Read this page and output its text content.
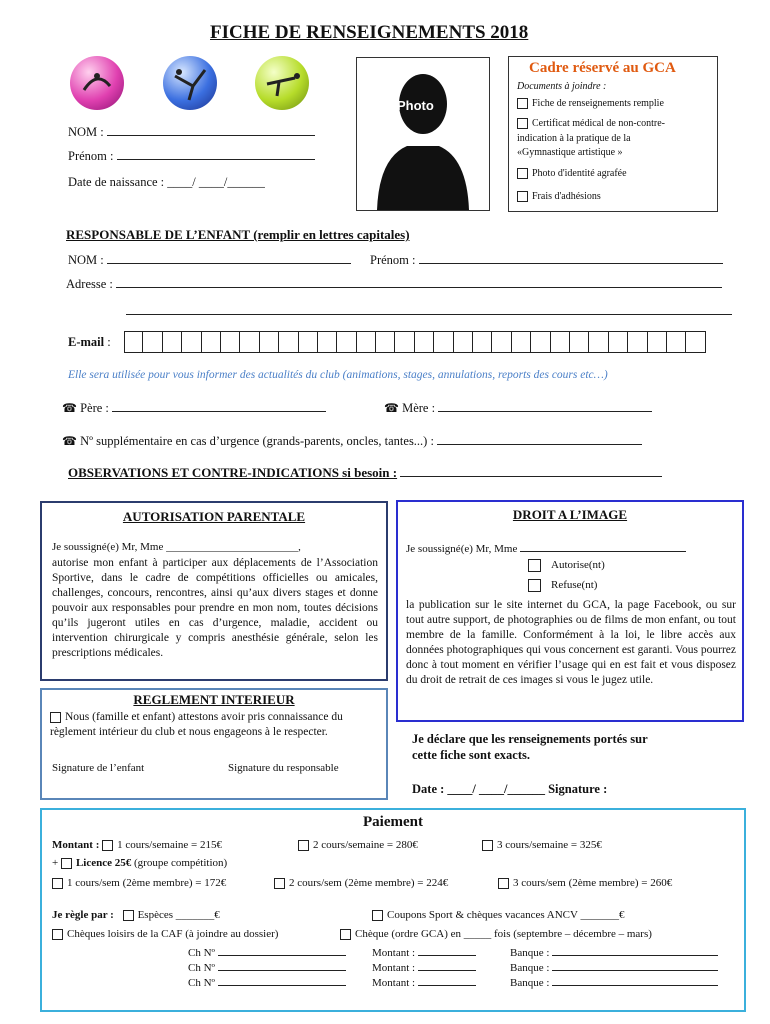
FICHE DE RENSEIGNEMENTS 2018
Photo
NOM :
Prénom :
Date de naissance : ____/ ____/______
Cadre réservé au GCA
Documents à joindre :
Fiche de renseignements remplie
Certificat médical de non-contre-
indication à la pratique de la
«Gymnastique artistique »
Photo d'identité agrafée
Frais d'adhésions
RESPONSABLE DE L’ENFANT (remplir en lettres capitales)
NOM :	Prénom :
Adresse :
E-mail :
Elle sera utilisée pour vous informer des actualités du club (animations, stages, annulations, reports des cours etc…)
☎ Père :	☎ Mère :
☎ Nº supplémentaire en cas d’urgence (grands-parents, oncles, tantes...) :
OBSERVATIONS ET CONTRE-INDICATIONS si besoin :
AUTORISATION PARENTALE
Je soussigné(e) Mr, Mme ________________________,
autorise mon enfant à participer aux déplacements de l’Association Sportive, dans le cadre de compétitions officielles ou amicales, challenges, concours, rencontres, ainsi qu’aux divers stages et donne pouvoir aux responsables pour prendre en mon nom, toutes décisions qu’ils jugeront utiles en cas d’urgence, maladie, accident ou intervention chirurgicale y compris anesthésie générale, selon les prescriptions médicales.
DROIT A L’IMAGE
Je soussigné(e) Mr, Mme
Autorise(nt)
Refuse(nt)
la publication sur le site internet du GCA, la page Facebook, ou sur tout autre support, de photographies ou de films de mon enfant, ou tout membre de la famille. Conformément à la loi, le libre accès aux données photographiques qui vous concernent est garanti. Vous pourrez donc à tout moment en vérifier l’usage qui en est fait et vous disposez du droit de retrait de ces images si vous le jugez utile.
REGLEMENT INTERIEUR
Nous (famille et enfant) attestons avoir pris connaissance du règlement intérieur du club et nous engageons à le respecter.
Signature de l’enfant	Signature du responsable
Je déclare que les renseignements portés sur
cette fiche sont exacts.
Date : ____/ ____/______ Signature :
Paiement
Montant : 1 cours/semaine = 215€	2 cours/semaine = 280€	3 cours/semaine = 325€
+ Licence 25€ (groupe compétition)
1 cours/sem (2ème membre) = 172€	2 cours/sem (2ème membre) = 224€	3 cours/sem (2ème membre) = 260€
Je règle par : Espèces _______€	Coupons Sport & chèques vacances ANCV _______€
Chèques loisirs de la CAF (à joindre au dossier)	Chèque (ordre GCA) en _____ fois (septembre – décembre – mars)
Ch Nº	Montant :	Banque :
Ch Nº	Montant :	Banque :
Ch Nº	Montant :	Banque :
